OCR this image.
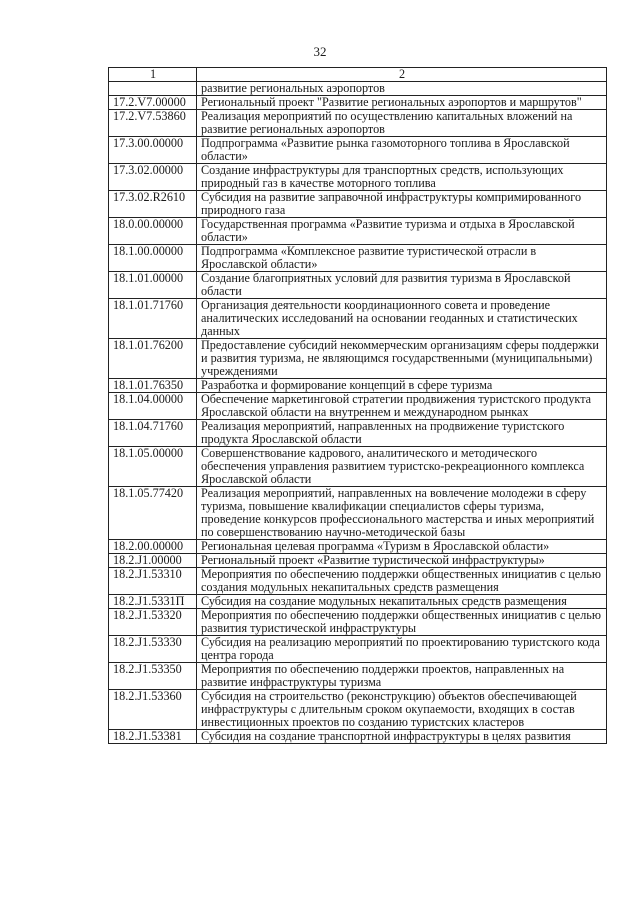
32
1	2
	развитие региональных аэропортов
17.2.V7.00000	Региональный проект "Развитие региональных аэропортов и маршрутов"
17.2.V7.53860	Реализация мероприятий по осуществлению капитальных вложений на развитие региональных аэропортов
17.3.00.00000	Подпрограмма «Развитие рынка газомоторного топлива в Ярославской области»
17.3.02.00000	Создание инфраструктуры для транспортных средств, использующих природный газ в качестве моторного топлива
17.3.02.R2610	Субсидия на развитие заправочной инфраструктуры компримированного природного газа
18.0.00.00000	Государственная программа «Развитие туризма и отдыха в Ярославской области»
18.1.00.00000	Подпрограмма «Комплексное развитие туристической отрасли в Ярославской области»
18.1.01.00000	Создание благоприятных условий для развития туризма в Ярославской области
18.1.01.71760	Организация деятельности координационного совета и проведение аналитических исследований на основании геоданных и статистических данных
18.1.01.76200	Предоставление субсидий некоммерческим организациям сферы поддержки и развития туризма, не являющимся государственными (муниципальными) учреждениями
18.1.01.76350	Разработка и формирование концепций в сфере туризма
18.1.04.00000	Обеспечение маркетинговой стратегии продвижения туристского продукта Ярославской области на внутреннем и международном рынках
18.1.04.71760	Реализация мероприятий, направленных на продвижение туристского продукта Ярославской области
18.1.05.00000	Совершенствование кадрового, аналитического и методического обеспечения управления развитием туристско-рекреационного комплекса Ярославской области
18.1.05.77420	Реализация мероприятий, направленных на вовлечение молодежи в сферу туризма, повышение квалификации специалистов сферы туризма, проведение конкурсов профессионального мастерства и иных мероприятий по совершенствованию научно-методической базы
18.2.00.00000	Региональная целевая программа «Туризм в Ярославской области»
18.2.J1.00000	Региональный проект «Развитие туристической инфраструктуры»
18.2.J1.53310	Мероприятия по обеспечению поддержки общественных инициатив с целью создания модульных некапитальных средств размещения
18.2.J1.5331П	Субсидия на создание модульных некапитальных средств размещения
18.2.J1.53320	Мероприятия по обеспечению поддержки общественных инициатив с целью развития туристической инфраструктуры
18.2.J1.53330	Субсидия на реализацию мероприятий по проектированию туристского кода центра города
18.2.J1.53350	Мероприятия по обеспечению поддержки проектов, направленных на развитие инфраструктуры туризма
18.2.J1.53360	Субсидия на строительство (реконструкцию) объектов обеспечивающей инфраструктуры с длительным сроком окупаемости, входящих в состав инвестиционных проектов по созданию туристских кластеров
18.2.J1.53381	Субсидия на создание транспортной инфраструктуры в целях развития
